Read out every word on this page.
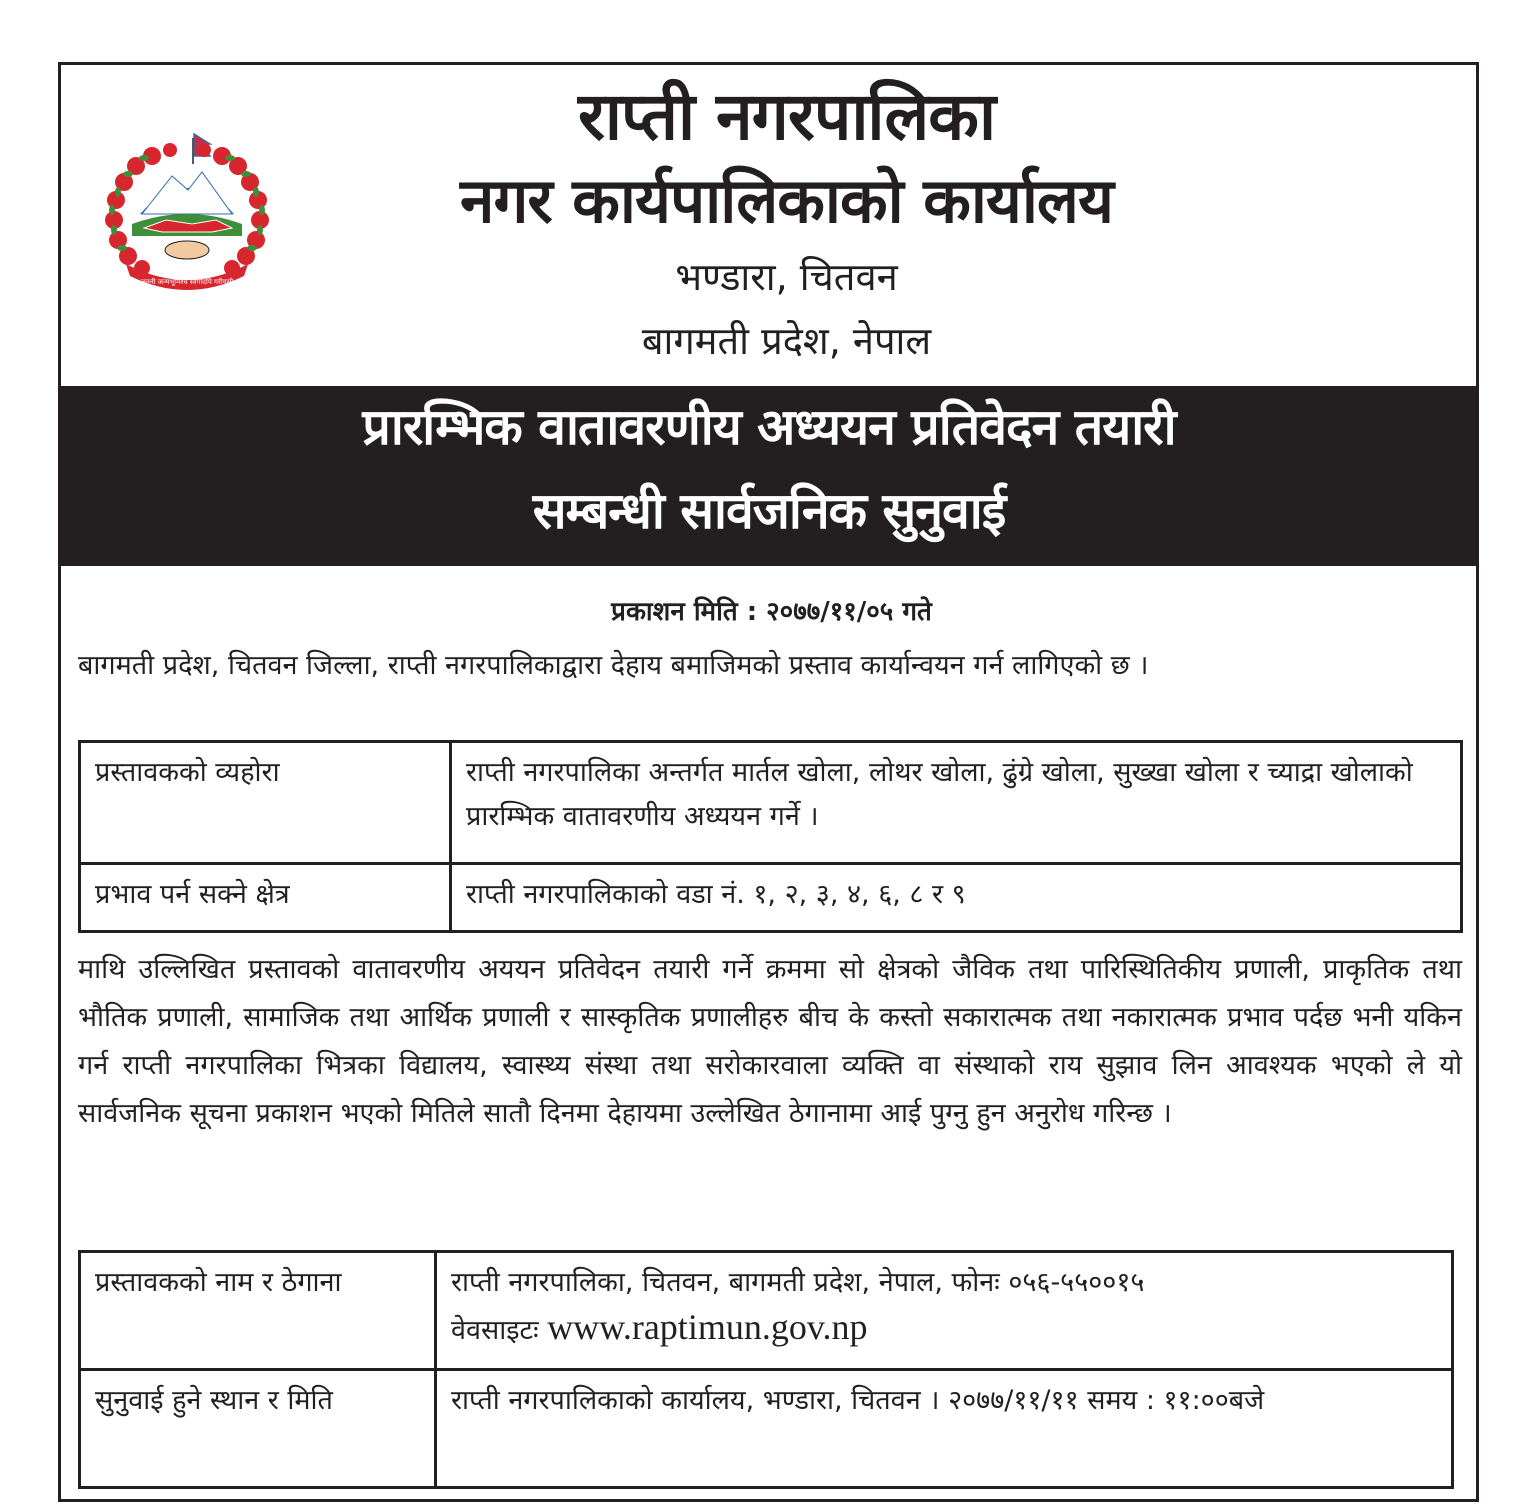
जननी जन्मभूमिश्च स्वर्गादपि गरीयसी
राप्ती नगरपालिका
नगर कार्यपालिकाको कार्यालय
भण्डारा, चितवन
बागमती प्रदेश, नेपाल
प्रारम्भिक वातावरणीय अध्ययन प्रतिवेदन तयारी
सम्बन्धी सार्वजनिक सुनुवाई
प्रकाशन मिति : २०७७/११/०५ गते
बागमती प्रदेश, चितवन जिल्ला, राप्ती नगरपालिकाद्वारा देहाय बमाजिमको प्रस्ताव कार्यान्वयन गर्न लागिएको छ ।
प्रस्तावकको व्यहोरा	राप्ती नगरपालिका अन्तर्गत मार्तल खोला, लोथर खोला, ढुंग्रे खोला, सुख्खा खोला र च्याद्रा खोलाको प्रारम्भिक वातावरणीय अध्ययन गर्ने ।
प्रभाव पर्न सक्ने क्षेत्र	राप्ती नगरपालिकाको वडा नं. १, २, ३, ४, ६, ८ र ९
माथि उल्लिखित प्रस्तावको वातावरणीय अययन प्रतिवेदन तयारी गर्ने क्रममा सो क्षेत्रको जैविक तथा पारिस्थितिकीय प्रणाली, प्राकृतिक तथा भौतिक प्रणाली, सामाजिक तथा आर्थिक प्रणाली र सास्कृतिक प्रणालीहरु बीच के कस्तो सकारात्मक तथा नकारात्मक प्रभाव पर्दछ भनी यकिन गर्न राप्ती नगरपालिका भित्रका विद्यालय, स्वास्थ्य संस्था तथा सरोकारवाला व्यक्ति वा संस्थाको राय सुझाव लिन आवश्यक भएको ले यो सार्वजनिक सूचना प्रकाशन भएको मितिले सातौ दिनमा देहायमा उल्लेखित ठेगानामा आई पुग्नु हुन अनुरोध गरिन्छ ।
प्रस्तावकको नाम र ठेगाना	राप्ती नगरपालिका, चितवन, बागमती प्रदेश, नेपाल, फोनः ०५६-५५००१५
वेवसाइटः www.raptimun.gov.np

सुनुवाई हुने स्थान र मिति	राप्ती नगरपालिकाको कार्यालय, भण्डारा, चितवन । २०७७/११/११ समय : ११:००बजे
